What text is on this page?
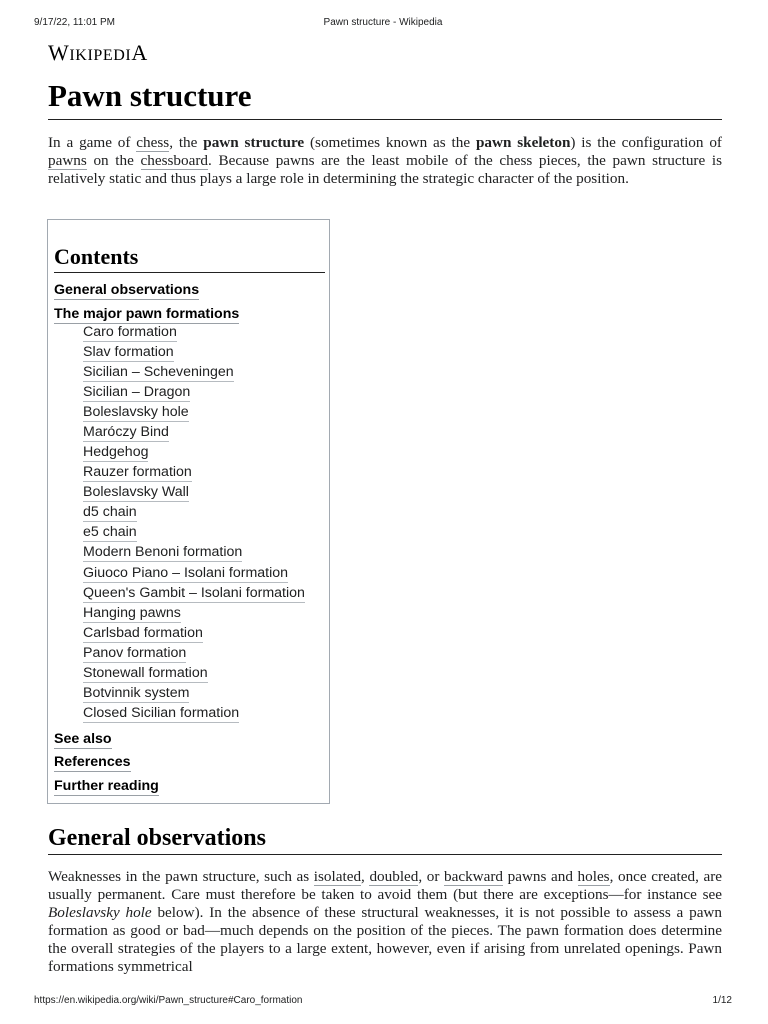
9/17/22, 11:01 PM	Pawn structure - Wikipedia
WIKIPEDIA
Pawn structure

In a game of chess, the pawn structure (sometimes known as the pawn skeleton) is the configuration of pawns on the chessboard. Because pawns are the least mobile of the chess pieces, the pawn structure is relatively static and thus plays a large role in determining the strategic character of the position.

Contents
General observations
The major pawn formations
Caro formation
Slav formation
Sicilian – Scheveningen
Sicilian – Dragon
Boleslavsky hole
Maróczy Bind
Hedgehog
Rauzer formation
Boleslavsky Wall
d5 chain
e5 chain
Modern Benoni formation
Giuoco Piano – Isolani formation
Queen's Gambit – Isolani formation
Hanging pawns
Carlsbad formation
Panov formation
Stonewall formation
Botvinnik system
Closed Sicilian formation
See also
References
Further reading
General observations

Weaknesses in the pawn structure, such as isolated, doubled, or backward pawns and holes, once created, are usually permanent. Care must therefore be taken to avoid them (but there are exceptions—for instance see Boleslavsky hole below). In the absence of these structural weaknesses, it is not possible to assess a pawn formation as good or bad—much depends on the position of the pieces. The pawn formation does determine the overall strategies of the players to a large extent, however, even if arising from unrelated openings. Pawn formations symmetrical

https://en.wikipedia.org/wiki/Pawn_structure#Caro_formation	1/12
